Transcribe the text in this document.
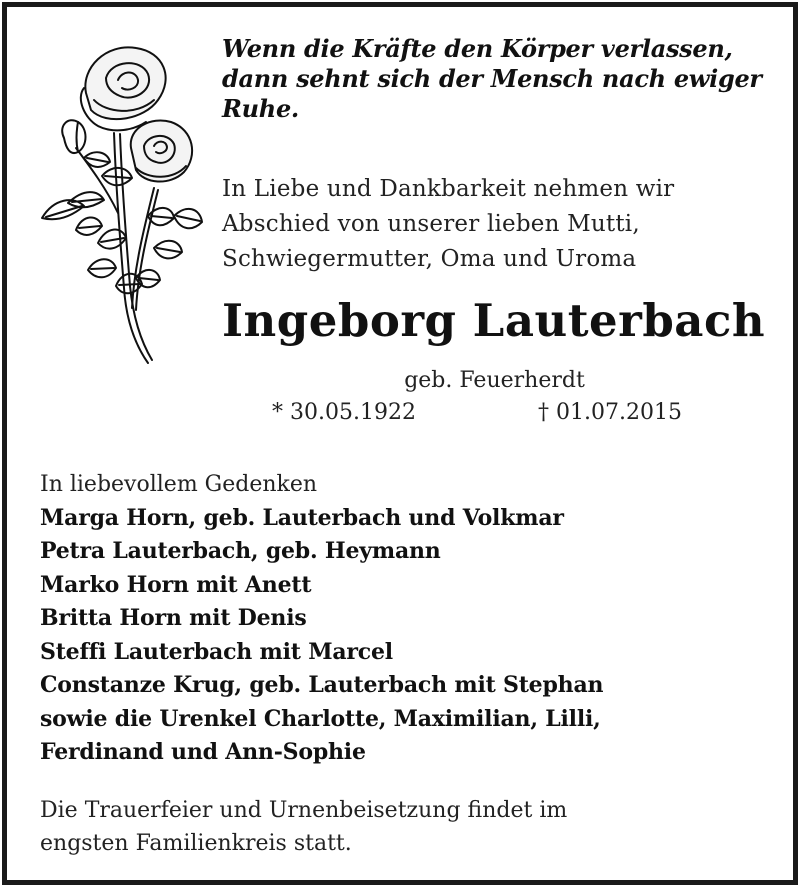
Wenn die Kräfte den Körper verlassen,
dann sehnt sich der Mensch nach ewiger
Ruhe.
In Liebe und Dankbarkeit nehmen wir
Abschied von unserer lieben Mutti,
Schwiegermutter, Oma und Uroma
Ingeborg Lauterbach
geb. Feuerherdt
* 30.05.1922	† 01.07.2015
In liebevollem Gedenken
Marga Horn, geb. Lauterbach und Volkmar
Petra Lauterbach, geb. Heymann
Marko Horn mit Anett
Britta Horn mit Denis
Steffi Lauterbach mit Marcel
Constanze Krug, geb. Lauterbach mit Stephan
sowie die Urenkel Charlotte, Maximilian, Lilli,
Ferdinand und Ann-Sophie
Die Trauerfeier und Urnenbeisetzung findet im
engsten Familienkreis statt.
